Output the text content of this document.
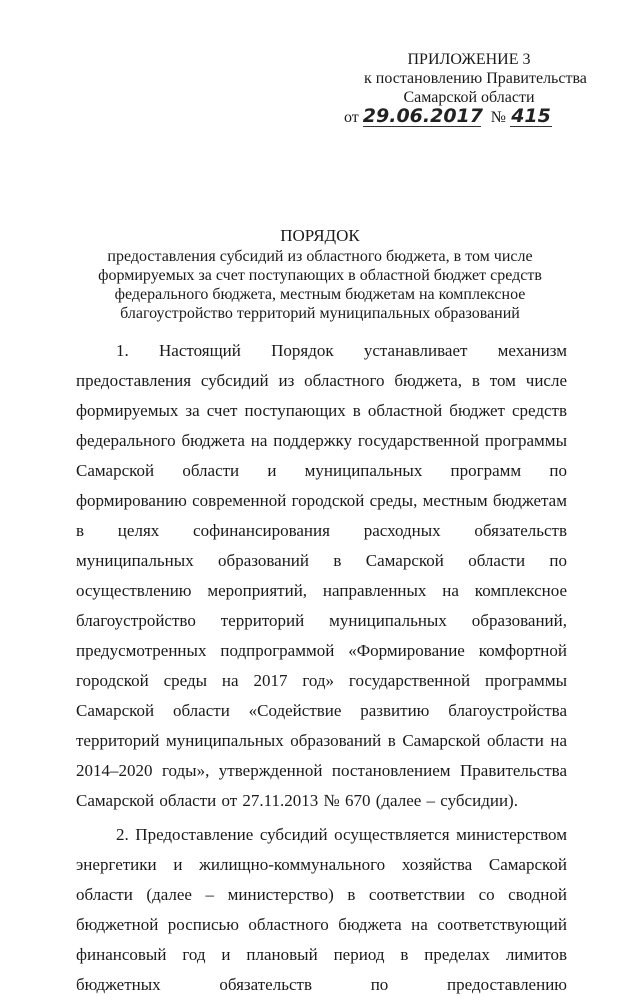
ПРИЛОЖЕНИЕ 3
к постановлению Правительства
Самарской области
от 29.06.2017 № 415
ПОРЯДОК
предоставления субсидий из областного бюджета, в том числе
формируемых за счет поступающих в областной бюджет средств
федерального бюджета, местным бюджетам на комплексное
благоустройство территорий муниципальных образований

1. Настоящий Порядок устанавливает механизм предоставления субсидий из областного бюджета, в том числе формируемых за счет поступающих в областной бюджет средств федерального бюджета на поддержку государственной программы Самарской области и муниципальных программ по формированию современной городской среды, местным бюджетам в целях софинансирования расходных обязательств муниципальных образований в Самарской области по осуществлению мероприятий, направленных на комплексное благоустройство территорий муниципальных образований, предусмотренных подпрограммой «Формирование комфортной городской среды на 2017 год» государственной программы Самарской области «Содействие развитию благоустройства территорий муниципальных образований в Самарской области на 2014–2020 годы», утвержденной постановлением Правительства Самарской области от 27.11.2013 № 670 (далее – субсидии).

2. Предоставление субсидий осуществляется министерством энергетики и жилищно-коммунального хозяйства Самарской области (далее – министерство) в соответствии со сводной бюджетной росписью областного бюджета на соответствующий финансовый год и плановый период в пределах лимитов бюджетных обязательств по предоставлению
